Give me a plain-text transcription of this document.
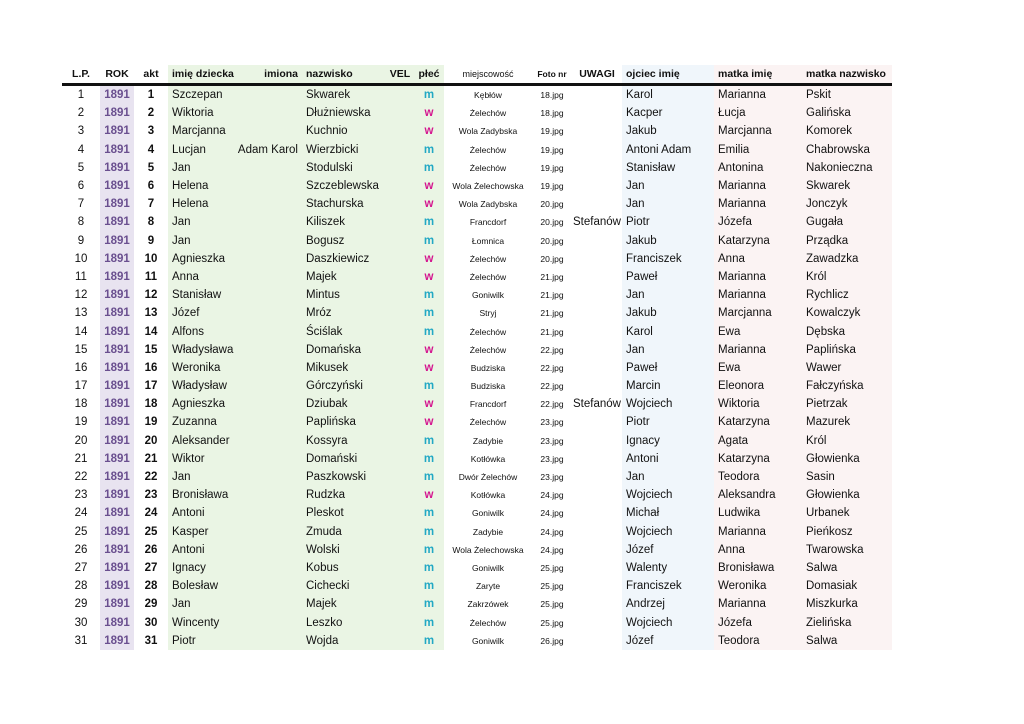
L.P.	ROK	akt	imię dziecka	imiona	nazwisko	VEL	płeć	miejscowość	Foto nr	UWAGI	ojciec imię	matka imię	matka nazwisko
1	1891	1	Szczepan		Skwarek		m	Kębłów	18.jpg		Karol	Marianna	Pskit
2	1891	2	Wiktoria		Dłużniewska		w	Żelechów	18.jpg		Kacper	Łucja	Galińska
3	1891	3	Marcjanna		Kuchnio		w	Wola Zadybska	19.jpg		Jakub	Marcjanna	Komorek
4	1891	4	Lucjan	Adam Karol	Wierzbicki		m	Żelechów	19.jpg		Antoni Adam	Emilia	Chabrowska
5	1891	5	Jan		Stodulski		m	Żelechów	19.jpg		Stanisław	Antonina	Nakonieczna
6	1891	6	Helena		Szczeblewska		w	Wola Żelechowska	19.jpg		Jan	Marianna	Skwarek
7	1891	7	Helena		Stachurska		w	Wola Zadybska	20.jpg		Jan	Marianna	Jonczyk
8	1891	8	Jan		Kiliszek		m	Francdorf	20.jpg	Stefanów	Piotr	Józefa	Gugała
9	1891	9	Jan		Bogusz		m	Łomnica	20.jpg		Jakub	Katarzyna	Prządka
10	1891	10	Agnieszka		Daszkiewicz		w	Żelechów	20.jpg		Franciszek	Anna	Zawadzka
11	1891	11	Anna		Majek		w	Żelechów	21.jpg		Paweł	Marianna	Król
12	1891	12	Stanisław		Mintus		m	Goniwilk	21.jpg		Jan	Marianna	Rychlicz
13	1891	13	Józef		Mróz		m	Stryj	21.jpg		Jakub	Marcjanna	Kowalczyk
14	1891	14	Alfons		Ściślak		m	Żelechów	21.jpg		Karol	Ewa	Dębska
15	1891	15	Władysława		Domańska		w	Żelechów	22.jpg		Jan	Marianna	Paplińska
16	1891	16	Weronika		Mikusek		w	Budziska	22.jpg		Paweł	Ewa	Wawer
17	1891	17	Władysław		Górczyński		m	Budziska	22.jpg		Marcin	Eleonora	Fałczyńska
18	1891	18	Agnieszka		Dziubak		w	Francdorf	22.jpg	Stefanów	Wojciech	Wiktoria	Pietrzak
19	1891	19	Zuzanna		Paplińska		w	Żelechów	23.jpg		Piotr	Katarzyna	Mazurek
20	1891	20	Aleksander		Kossyra		m	Zadybie	23.jpg		Ignacy	Agata	Król
21	1891	21	Wiktor		Domański		m	Kotłówka	23.jpg		Antoni	Katarzyna	Głowienka
22	1891	22	Jan		Paszkowski		m	Dwór Żelechów	23.jpg		Jan	Teodora	Sasin
23	1891	23	Bronisława		Rudzka		w	Kotłówka	24.jpg		Wojciech	Aleksandra	Głowienka
24	1891	24	Antoni		Pleskot		m	Goniwilk	24.jpg		Michał	Ludwika	Urbanek
25	1891	25	Kasper		Zmuda		m	Zadybie	24.jpg		Wojciech	Marianna	Pieńkosz
26	1891	26	Antoni		Wolski		m	Wola Żelechowska	24.jpg		Józef	Anna	Twarowska
27	1891	27	Ignacy		Kobus		m	Goniwilk	25.jpg		Walenty	Bronisława	Salwa
28	1891	28	Bolesław		Cichecki		m	Zaryte	25.jpg		Franciszek	Weronika	Domasiak
29	1891	29	Jan		Majek		m	Zakrzówek	25.jpg		Andrzej	Marianna	Miszkurka
30	1891	30	Wincenty		Leszko		m	Żelechów	25.jpg		Wojciech	Józefa	Zielińska
31	1891	31	Piotr		Wojda		m	Goniwilk	26.jpg		Józef	Teodora	Salwa
